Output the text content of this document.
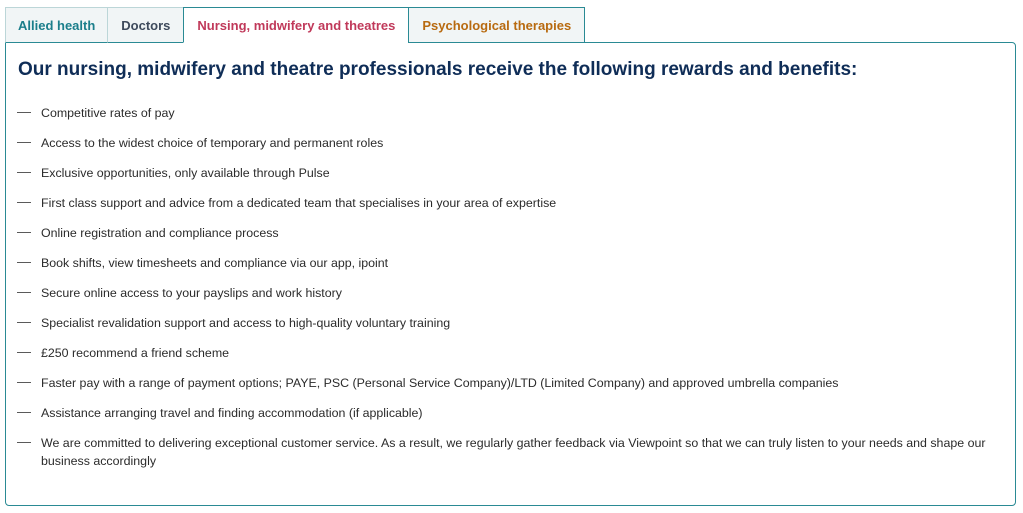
Allied health	Doctors	Nursing, midwifery and theatres	Psychological therapies
Our nursing, midwifery and theatre professionals receive the following rewards and benefits:
Competitive rates of pay
Access to the widest choice of temporary and permanent roles
Exclusive opportunities, only available through Pulse
First class support and advice from a dedicated team that specialises in your area of expertise
Online registration and compliance process
Book shifts, view timesheets and compliance via our app, ipoint
Secure online access to your payslips and work history
Specialist revalidation support and access to high-quality voluntary training
£250 recommend a friend scheme
Faster pay with a range of payment options; PAYE, PSC (Personal Service Company)/LTD (Limited Company) and approved umbrella companies
Assistance arranging travel and finding accommodation (if applicable)
We are committed to delivering exceptional customer service. As a result, we regularly gather feedback via Viewpoint so that we can truly listen to your needs and shape our business accordingly
